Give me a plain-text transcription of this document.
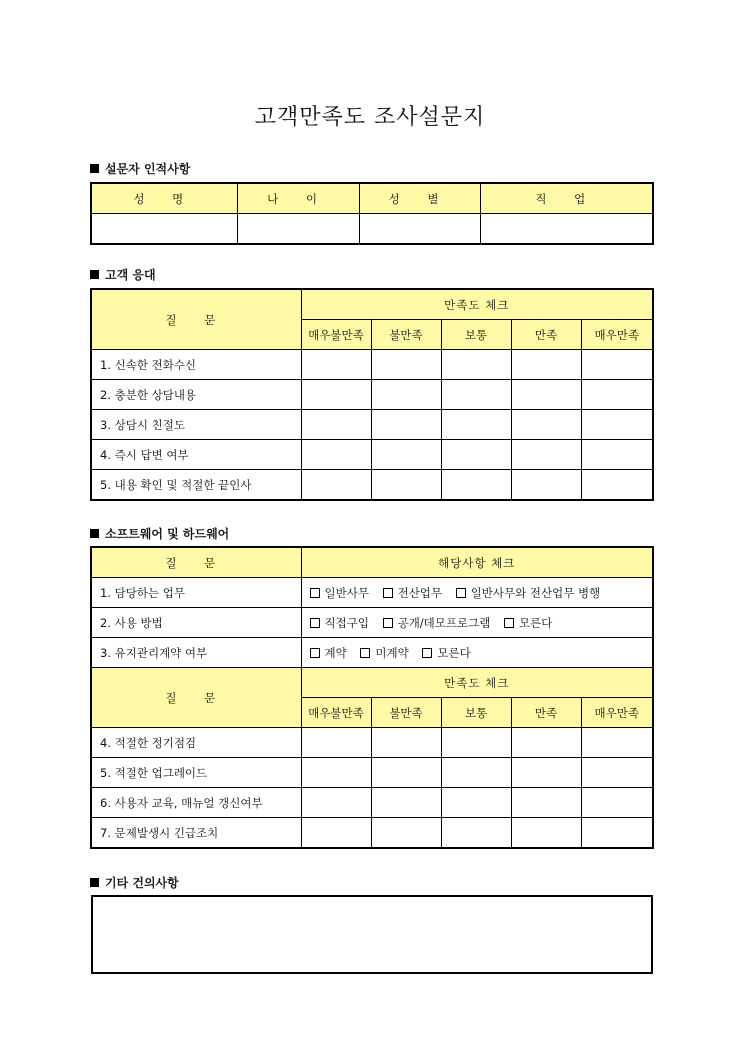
고객만족도 조사설문지
설문자 인적사항
성 명	나 이	성 별	직 업

고객 응대
질 문	만족도 체크				
	매우불만족	불만족	보통	만족	매우만족
1. 신속한 전화수신					
2. 충분한 상담내용					
3. 상담시 친절도					
4. 즉시 답변 여부					
5. 내용 확인 및 적절한 끝인사					
소프트웨어 및 하드웨어
질 문	해당사항 체크				
1. 담당하는 업무	일반사무 전산업무 일반사무와 전산업무 병행				
2. 사용 방법	직접구입 공개/데모프로그램 모른다				
3. 유지관리계약 여부	계약 미계약 모른다				
질 문	만족도 체크				
	매우불만족	불만족	보통	만족	매우만족
4. 적절한 정기점검					
5. 적절한 업그레이드					
6. 사용자 교육, 매뉴얼 갱신여부					
7. 문제발생시 긴급조치					
기타 건의사항
